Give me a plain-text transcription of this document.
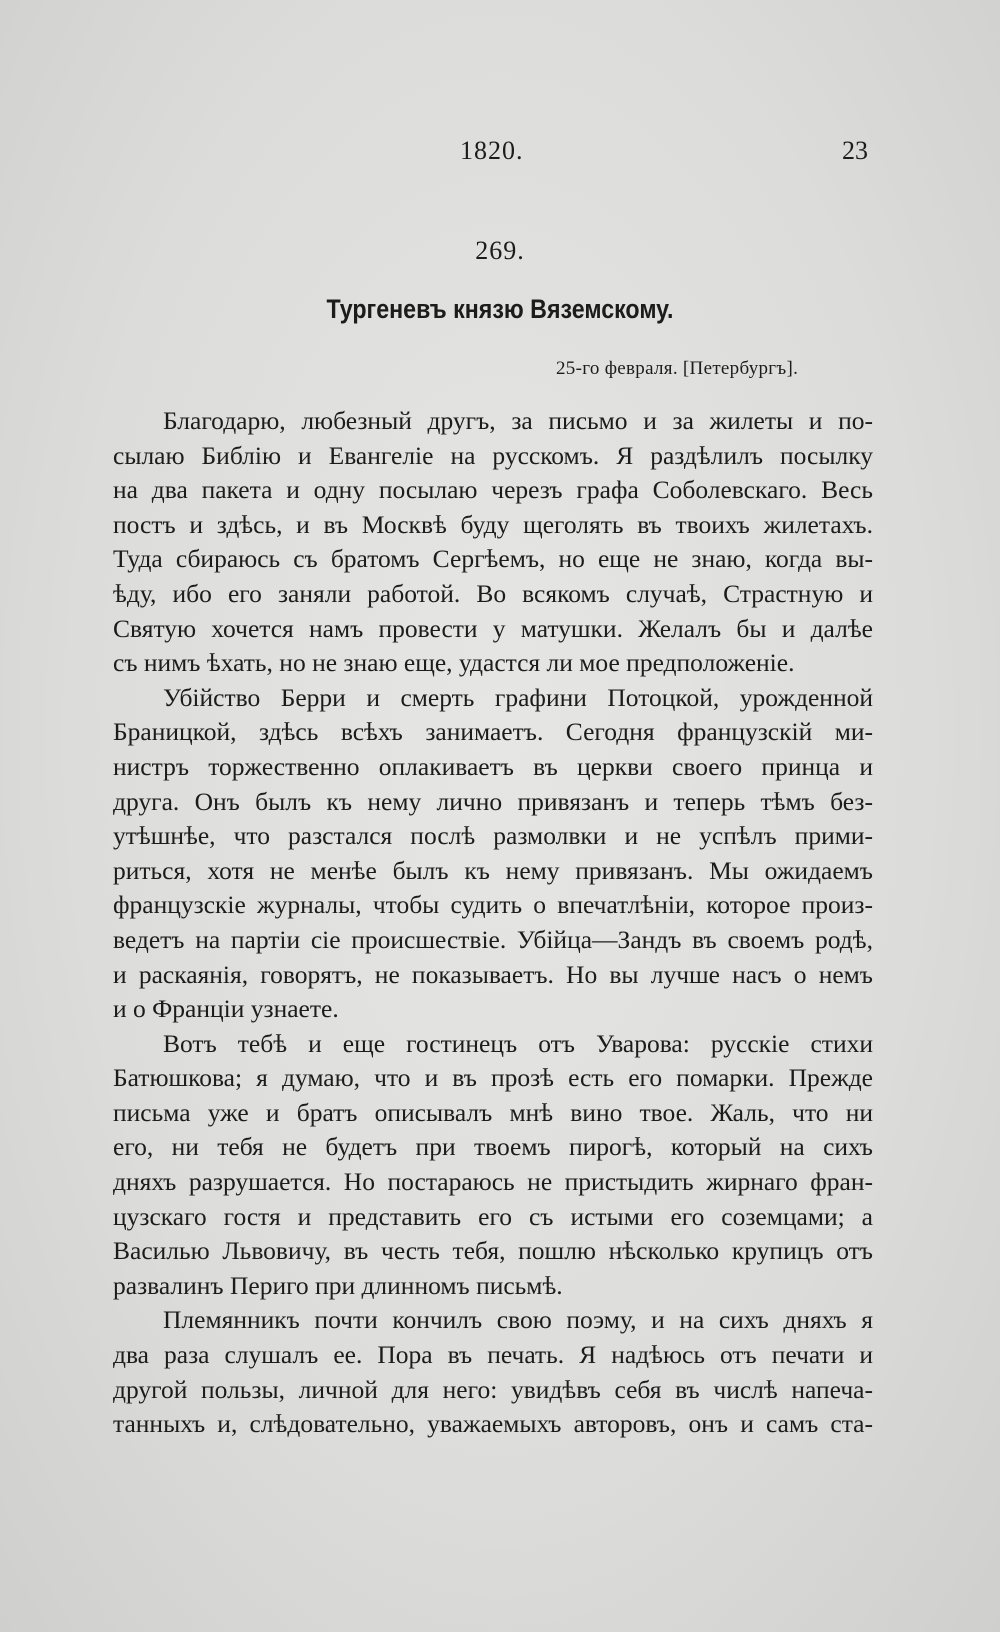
1820.	23
269.
Тургеневъ князю Вяземскому.
25-го февраля. [Петербургъ].
Благодарю, любезный другъ, за письмо и за жилеты и по-
сылаю Библію и Евангеліе на русскомъ. Я раздѣлилъ посылку
на два пакета и одну посылаю черезъ графа Соболевскаго. Весь
постъ и здѣсь, и въ Москвѣ буду щеголять въ твоихъ жилетахъ.
Туда сбираюсь съ братомъ Сергѣемъ, но еще не знаю, когда вы-
ѣду, ибо его заняли работой. Во всякомъ случаѣ, Страстную и
Святую хочется намъ провести у матушки. Желалъ бы и далѣе
съ нимъ ѣхать, но не знаю еще, удастся ли мое предположеніе.
Убійство Берри и смерть графини Потоцкой, урожденной
Браницкой, здѣсь всѣхъ занимаетъ. Сегодня французскій ми-
нистръ торжественно оплакиваетъ въ церкви своего принца и
друга. Онъ былъ къ нему лично привязанъ и теперь тѣмъ без-
утѣшнѣе, что разстался послѣ размолвки и не успѣлъ прими-
риться, хотя не менѣе былъ къ нему привязанъ. Мы ожидаемъ
французскіе журналы, чтобы судить о впечатлѣніи, которое произ-
ведетъ на партіи сіе происшествіе. Убійца—Зандъ въ своемъ родѣ,
и раскаянія, говорятъ, не показываетъ. Но вы лучше насъ о немъ
и о Франціи узнаете.
Вотъ тебѣ и еще гостинецъ отъ Уварова: русскіе стихи
Батюшкова; я думаю, что и въ прозѣ есть его помарки. Прежде
письма уже и братъ описывалъ мнѣ вино твое. Жаль, что ни
его, ни тебя не будетъ при твоемъ пирогѣ, который на сихъ
дняхъ разрушается. Но постараюсь не пристыдить жирнаго фран-
цузскаго гостя и представить его съ истыми его соземцами; а
Василью Львовичу, въ честь тебя, пошлю нѣсколько крупицъ отъ
развалинъ Периго при длинномъ письмѣ.
Племянникъ почти кончилъ свою поэму, и на сихъ дняхъ я
два раза слушалъ ее. Пора въ печать. Я надѣюсь отъ печати и
другой пользы, личной для него: увидѣвъ себя въ числѣ напеча-
танныхъ и, слѣдовательно, уважаемыхъ авторовъ, онъ и самъ ста-
